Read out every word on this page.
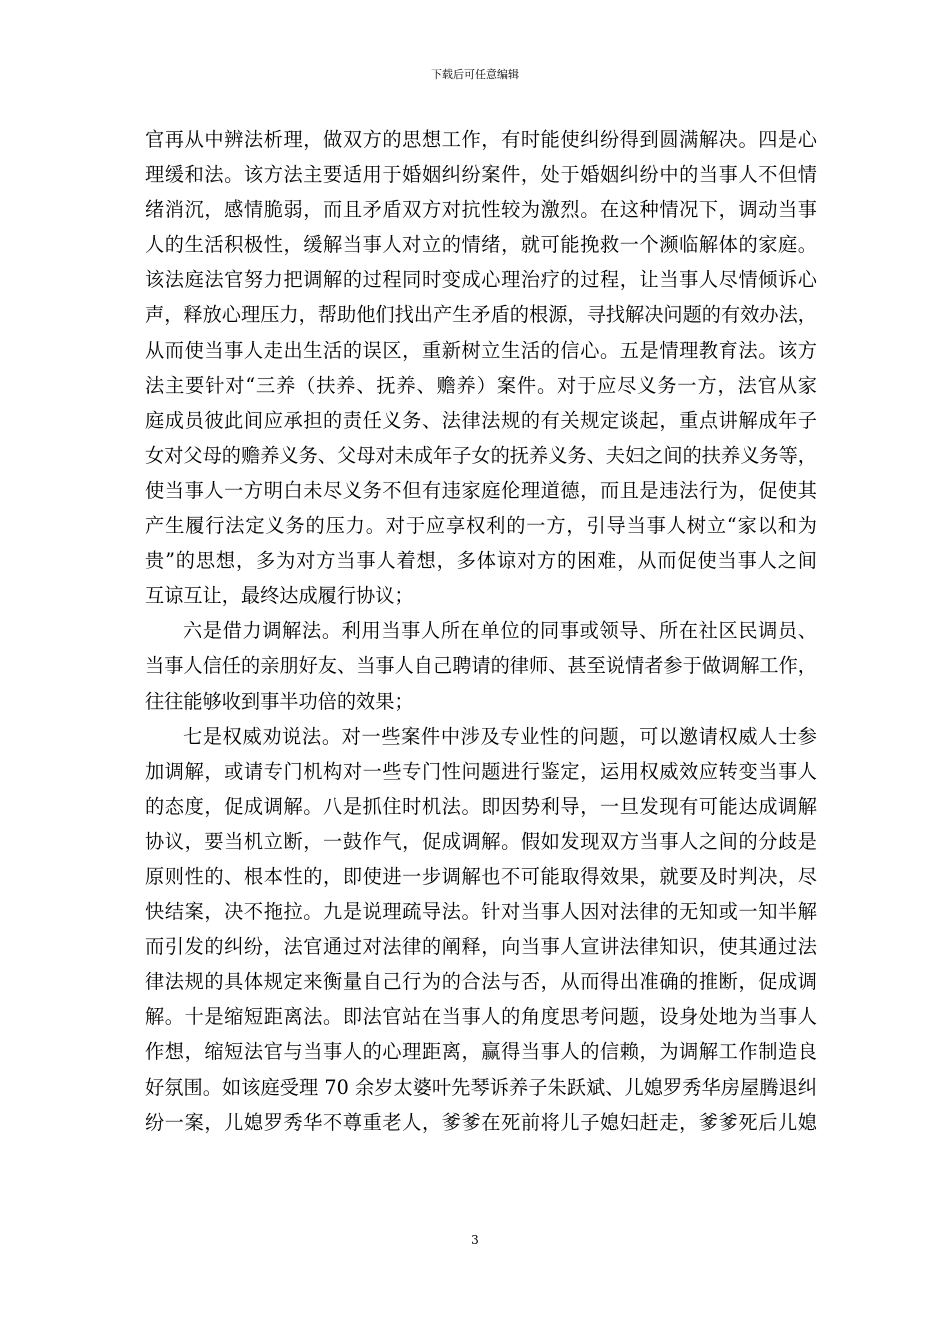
下载后可任意编辑
官再从中辨法析理，做双方的思想工作，有时能使纠纷得到圆满解决。四是心
理缓和法。该方法主要适用于婚姻纠纷案件，处于婚姻纠纷中的当事人不但情
绪消沉，感情脆弱，而且矛盾双方对抗性较为激烈。在这种情况下，调动当事
人的生活积极性，缓解当事人对立的情绪，就可能挽救一个濒临解体的家庭。
该法庭法官努力把调解的过程同时变成心理治疗的过程，让当事人尽情倾诉心
声，释放心理压力，帮助他们找出产生矛盾的根源，寻找解决问题的有效办法，
从而使当事人走出生活的误区，重新树立生活的信心。五是情理教育法。该方
法主要针对“三养（扶养、抚养、赡养）案件。对于应尽义务一方，法官从家
庭成员彼此间应承担的责任义务、法律法规的有关规定谈起，重点讲解成年子
女对父母的赡养义务、父母对未成年子女的抚养义务、夫妇之间的扶养义务等，
使当事人一方明白未尽义务不但有违家庭伦理道德，而且是违法行为，促使其
产生履行法定义务的压力。对于应享权利的一方，引导当事人树立“家以和为
贵”的思想，多为对方当事人着想，多体谅对方的困难，从而促使当事人之间
互谅互让，最终达成履行协议；
六是借力调解法。利用当事人所在单位的同事或领导、所在社区民调员、
当事人信任的亲朋好友、当事人自己聘请的律师、甚至说情者参于做调解工作，
往往能够收到事半功倍的效果；
七是权威劝说法。对一些案件中涉及专业性的问题，可以邀请权威人士参
加调解，或请专门机构对一些专门性问题进行鉴定，运用权威效应转变当事人
的态度，促成调解。八是抓住时机法。即因势利导，一旦发现有可能达成调解
协议，要当机立断，一鼓作气，促成调解。假如发现双方当事人之间的分歧是
原则性的、根本性的，即使进一步调解也不可能取得效果，就要及时判决，尽
快结案，决不拖拉。九是说理疏导法。针对当事人因对法律的无知或一知半解
而引发的纠纷，法官通过对法律的阐释，向当事人宣讲法律知识，使其通过法
律法规的具体规定来衡量自己行为的合法与否，从而得出准确的推断，促成调
解。十是缩短距离法。即法官站在当事人的角度思考问题，设身处地为当事人
作想，缩短法官与当事人的心理距离，赢得当事人的信赖，为调解工作制造良
好氛围。如该庭受理 70 余岁太婆叶先琴诉养子朱跃斌、儿媳罗秀华房屋腾退纠
纷一案，儿媳罗秀华不尊重老人，爹爹在死前将儿子媳妇赶走，爹爹死后儿媳
3
